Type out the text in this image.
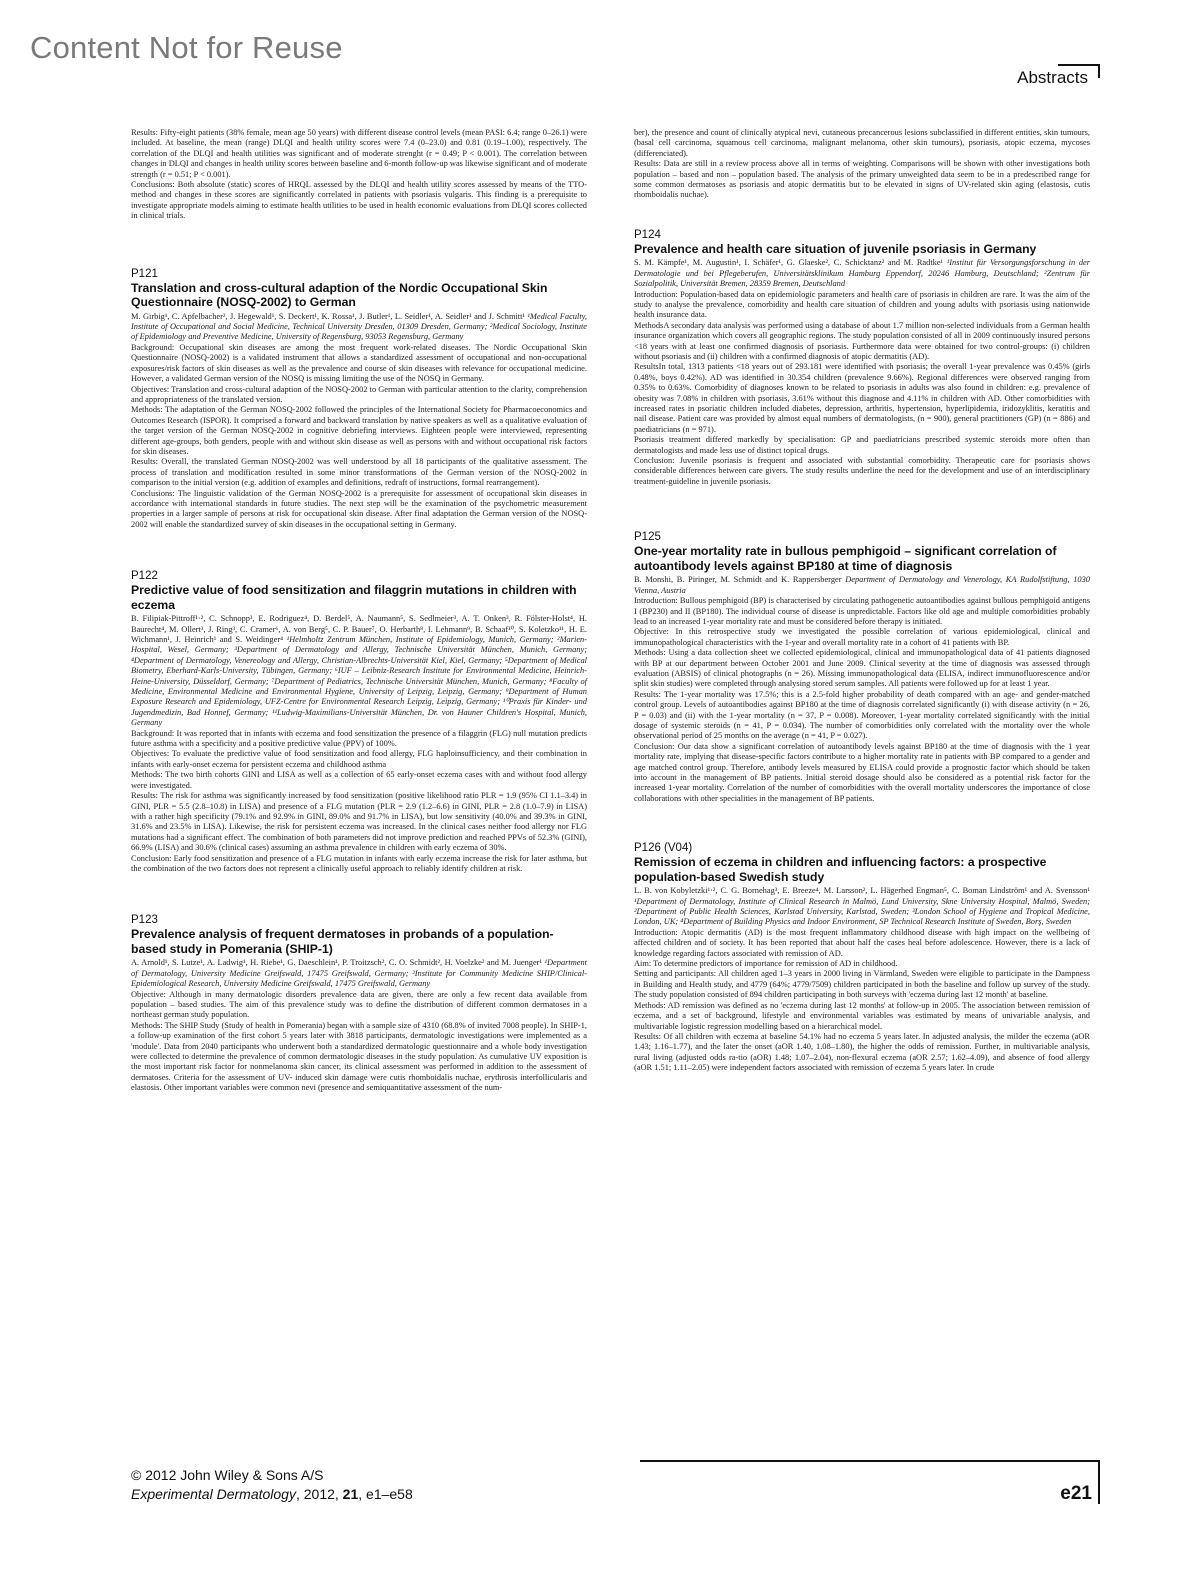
Content Not for Reuse
Abstracts

Results: Fifty-eight patients (38% female, mean age 50 years) with different disease control levels (mean PASI: 6.4; range 0–26.1) were included. At baseline, the mean (range) DLQI and health utility scores were 7.4 (0–23.0) and 0.81 (0.19–1.00), respectively. The correlation of the DLQI and health utilities was significant and of moderate strenght (r = 0.49; P < 0.001). The correlation between changes in DLQI and changes in health utility scores between baseline and 6-month follow-up was likewise significant and of moderate strength (r = 0.51; P < 0.001).

Conclusions: Both absolute (static) scores of HRQL assessed by the DLQI and health utility scores assessed by means of the TTO-method and changes in these scores are significantly correlated in patients with psoriasis vulgaris. This finding is a prerequisite to investigate appropriate models aiming to estimate health utilities to be used in health economic evaluations from DLQI scores collected in clinical trials.

P121
Translation and cross-cultural adaption of the Nordic Occupational Skin Questionnaire (NOSQ-2002) to German

M. Girbig¹, C. Apfelbacher², J. Hegewald¹, S. Deckert¹, K. Rossa¹, J. Butler¹, L. Seidler¹, A. Seidler¹ and J. Schmitt¹ ¹Medical Faculty, Institute of Occupational and Social Medicine, Technical University Dresden, 01309 Dresden, Germany; ²Medical Sociology, Institute of Epidemiology and Preventive Medicine, University of Regensburg, 93053 Regensburg, Germany

Background: Occupational skin diseases are among the most frequent work-related diseases. The Nordic Occupational Skin Questionnaire (NOSQ-2002) is a validated instrument that allows a standardized assessment of occupational and non-occupational exposures/risk factors of skin diseases as well as the prevalence and course of skin diseases with relevance for occupational medicine. However, a validated German version of the NOSQ is missing limiting the use of the NOSQ in Germany.

Objectives: Translation and cross-cultural adaption of the NOSQ-2002 to German with particular attention to the clarity, comprehension and appropriateness of the translated version.

Methods: The adaptation of the German NOSQ-2002 followed the principles of the International Society for Pharmacoeconomics and Outcomes Research (ISPOR). It comprised a forward and backward translation by native speakers as well as a qualitative evaluation of the target version of the German NOSQ-2002 in cognitive debriefing interviews. Eighteen people were interviewed, representing different age-groups, both genders, people with and without skin disease as well as persons with and without occupational risk factors for skin diseases.

Results: Overall, the translated German NOSQ-2002 was well understood by all 18 participants of the qualitative assessment. The process of translation and modification resulted in some minor transformations of the German version of the NOSQ-2002 in comparison to the initial version (e.g. addition of examples and definitions, redraft of instructions, formal rearrangement).

Conclusions: The linguistic validation of the German NOSQ-2002 is a prerequisite for assessment of occupational skin diseases in accordance with international standards in future studies. The next step will be the examination of the psychometric measurement properties in a larger sample of persons at risk for occupational skin disease. After final adaptation the German version of the NOSQ-2002 will enable the standardized survey of skin diseases in the occupational setting in Germany.

P122
Predictive value of food sensitization and filaggrin mutations in children with eczema

B. Filipiak-Pittroff¹·², C. Schnopp³, E. Rodriguez⁴, D. Berdel⁵, A. Naumann⁵, S. Sedlmeier³, A. T. Onken³, R. Fölster-Holst⁴, H. Baurecht⁴, M. Ollert³, J. Ring³, C. Cramer⁶, A. von Berg⁵, C. P. Bauer⁷, O. Herbarth⁸, I. Lehmann⁹, B. Schaaf¹⁰, S. Koletzko¹¹, H. E. Wichmann¹, J. Heinrich¹ and S. Weidinger⁴ ¹Helmholtz Zentrum München, Institute of Epidemiology, Munich, Germany; ²Marien-Hospital, Wesel, Germany; ³Department of Dermatology and Allergy, Technische Universität München, Munich, Germany; ⁴Department of Dermatology, Venereology and Allergy, Christian-Albrechts-Universität Kiel, Kiel, Germany; ⁵Department of Medical Biometry, Eberhard-Karls-University, Tübingen, Germany; ⁶IUF – Leibniz-Research Institute for Environmental Medicine, Heinrich-Heine-University, Düsseldorf, Germany; ⁷Department of Pediatrics, Technische Universität München, Munich, Germany; ⁸Faculty of Medicine, Environmental Medicine and Environmental Hygiene, University of Leipzig, Leipzig, Germany; ⁹Department of Human Exposure Research and Epidemiology, UFZ-Centre for Environmental Research Leipzig, Leipzig, Germany; ¹⁰Praxis für Kinder- und Jugendmedizin, Bad Honnef, Germany; ¹¹Ludwig-Maximilians-Universität München, Dr. von Hauner Children's Hospital, Munich, Germany

Background: It was reported that in infants with eczema and food sensitization the presence of a filaggrin (FLG) null mutation predicts future asthma with a specificity and a positive predictive value (PPV) of 100%.

Objectives: To evaluate the predictive value of food sensitization and food allergy, FLG haploinsufficiency, and their combination in infants with early-onset eczema for persistent eczema and childhood asthma

Methods: The two birth cohorts GINI and LISA as well as a collection of 65 early-onset eczema cases with and without food allergy were investigated.

Results: The risk for asthma was significantly increased by food sensitization (positive likelihood ratio PLR = 1.9 (95% CI 1.1–3.4) in GINI, PLR = 5.5 (2.8–10.8) in LISA) and presence of a FLG mutation (PLR = 2.9 (1.2–6.6) in GINI, PLR = 2.8 (1.0–7.9) in LISA) with a rather high specificity (79.1% and 92.9% in GINI, 89.0% and 91.7% in LISA), but low sensitivity (40.0% and 39.3% in GINI, 31.6% and 23.5% in LISA). Likewise, the risk for persistent eczema was increased. In the clinical cases neither food allergy nor FLG mutations had a significant effect. The combination of both parameters did not improve prediction and reached PPVs of 52.3% (GINI), 66.9% (LISA) and 30.6% (clinical cases) assuming an asthma prevalence in children with early eczema of 30%.

Conclusion: Early food sensitization and presence of a FLG mutation in infants with early eczema increase the risk for later asthma, but the combination of the two factors does not represent a clinically useful approach to reliably identify children at risk.

P123
Prevalence analysis of frequent dermatoses in probands of a population-based study in Pomerania (SHIP-1)

A. Arnold¹, S. Lutze¹, A. Ladwig¹, H. Riebe¹, G. Daeschlein¹, P. Troitzsch², C. O. Schmidt², H. Voelzke² and M. Juenger¹ ¹Department of Dermatology, University Medicine Greifswald, 17475 Greifswald, Germany; ²Institute for Community Medicine SHIP/Clinical-Epidemiological Research, University Medicine Greifswald, 17475 Greifswald, Germany

Objective: Although in many dermatologic disorders prevalence data are given, there are only a few recent data available from population – based studies. The aim of this prevalence study was to define the distribution of different common dermatoses in a northeast german study population.

Methods: The SHIP Study (Study of health in Pomerania) began with a sample size of 4310 (68.8% of invited 7008 people). In SHIP-1, a follow-up examination of the first cohort 5 years later with 3818 participants, dermatologic investigations were implemented as a 'module'. Data from 2040 participants who underwent both a standardized dermatologic questionnaire and a whole body investigation were collected to determine the prevalence of common dermatologic diseases in the study population. As cumulative UV exposition is the most important risk factor for nonmelanoma skin cancer, its clinical assessment was performed in addition to the assessment of dermatoses. Criteria for the assessment of UV- induced skin damage were cutis rhomboidalis nuchae, erythrosis interfollicularis and elastosis. Other important variables were common nevi (presence and semiquantitative assessment of the num-

ber), the presence and count of clinically atypical nevi, cutaneous precancerous lesions subclassified in different entities, skin tumours, (basal cell carcinoma, squamous cell carcinoma, malignant melanoma, other skin tumours), psoriasis, atopic eczema, mycoses (differenciated).

Results: Data are still in a review process above all in terms of weighting. Comparisons will be shown with other investigations both population – based and non – population based. The analysis of the primary unweighted data seem to be in a predescribed range for some common dermatoses as psoriasis and atopic dermatitis but to be elevated in signs of UV-related skin aging (elastosis, cutis rhomboidalis nuchae).

P124
Prevalence and health care situation of juvenile psoriasis in Germany

S. M. Kämpfe¹, M. Augustin¹, I. Schäfer¹, G. Glaeske², C. Schicktanz² and M. Radtke¹ ¹Institut für Versorgungsforschung in der Dermatologie und bei Pflegeberufen, Universitätsklinikum Hamburg Eppendorf, 20246 Hamburg, Deutschland; ²Zentrum für Sozialpolitik, Universität Bremen, 28359 Bremen, Deutschland

Introduction: Population-based data on epidemiologic parameters and health care of psoriasis in children are rare. It was the aim of the study to analyse the prevalence, comorbidity and health care situation of children and young adults with psoriasis using nationwide health insurance data.

MethodsA secondary data analysis was performed using a database of about 1.7 million non-selected individuals from a German health insurance organization which covers all geographic regions. The study population consisted of all in 2009 continuously insured persons <18 years with at least one confirmed diagnosis of psoriasis. Furthermore data were obtained for two control-groups: (i) children without psoriasis and (ii) children with a confirmed diagnosis of atopic dermatitis (AD).

ResultsIn total, 1313 patients <18 years out of 293.181 were identified with psoriasis; the overall 1-year prevalence was 0.45% (girls 0.48%, boys 0.42%). AD was identified in 30.354 children (prevalence 9.66%). Regional differences were observed ranging from 0.35% to 0.63%. Comorbidity of diagnoses known to be related to psoriasis in adults was also found in children: e.g. prevalence of obesity was 7.08% in children with psoriasis, 3.61% without this diagnose and 4.11% in children with AD. Other comorbidities with increased rates in psoriatic children included diabetes, depression, arthritis, hypertension, hyperlipidemia, iridozyklitis, keratitis and nail disease. Patient care was provided by almost equal numbers of dermatologists, (n = 900), general practitioners (GP) (n = 886) and paediatricians (n = 971).

Psoriasis treatment differed markedly by specialisation: GP and paediatricians prescribed systemic steroids more often than dermatologists and made less use of distinct topical drugs.

Conclusion: Juvenile psoriasis is frequent and associated with substantial comorbidity. Therapeutic care for psoriasis shows considerable differences between care givers. The study results underline the need for the development and use of an interdisciplinary treatment-guideline in juvenile psoriasis.

P125
One-year mortality rate in bullous pemphigoid – significant correlation of autoantibody levels against BP180 at time of diagnosis

B. Monshi, B. Piringer, M. Schmidt and K. Rappersberger Department of Dermatology and Venerology, KA Rudolfstiftung, 1030 Vienna, Austria

Introduction: Bullous pemphigoid (BP) is characterised by circulating pathogenetic autoantibodies against bullous pemphigoid antigens I (BP230) and II (BP180). The individual course of disease is unpredictable. Factors like old age and multiple comorbidities probably lead to an increased 1-year mortality rate and must be considered before therapy is initiated.

Objective: In this retrospective study we investigated the possible correlation of various epidemiological, clinical and immunopathological characteristics with the 1-year and overall mortality rate in a cohort of 41 patients with BP.

Methods: Using a data collection sheet we collected epidemiological, clinical and immunopathological data of 41 patients diagnosed with BP at our department between October 2001 and June 2009. Clinical severity at the time of diagnosis was assessed through evaluation (ABSIS) of clinical photographs (n = 26). Missing immunopathological data (ELISA, indirect immunofluorescence and/or split skin studies) were completed through analysing stored serum samples. All patients were followed up for at least 1 year.

Results: The 1-year mortality was 17.5%; this is a 2.5-fold higher probability of death compared with an age- and gender-matched control group. Levels of autoantibodies against BP180 at the time of diagnosis correlated significantly (i) with disease activity (n = 26, P = 0.03) and (ii) with the 1-year mortality (n = 37, P = 0.008). Moreover, 1-year mortality correlated significantly with the initial dosage of systemic steroids (n = 41, P = 0.034). The number of comorbidities only correlated with the mortality over the whole observational period of 25 months on the average (n = 41, P = 0.027).

Conclusion: Our data show a significant correlation of autoantibody levels against BP180 at the time of diagnosis with the 1 year mortality rate, implying that disease-specific factors contribute to a higher mortality rate in patients with BP compared to a gender and age matched control group. Therefore, antibody levels measured by ELISA could provide a prognostic factor which should be taken into account in the management of BP patients. Initial steroid dosage should also be considered as a potential risk factor for the increased 1-year mortality. Correlation of the number of comorbidities with the overall mortality underscores the importance of close collaborations with other specialities in the management of BP patients.

P126 (V04)
Remission of eczema in children and influencing factors: a prospective population-based Swedish study

L. B. von Kobyletzki¹·², C. G. Bornehag³, E. Breeze⁴, M. Larsson², L. Hägerhed Engman⁵, C. Boman Lindström¹ and A. Svensson¹ ¹Department of Dermatology, Institute of Clinical Research in Malmö, Lund University, Skne University Hospital, Malmö, Sweden; ²Department of Public Health Sciences, Karlstad University, Karlstad, Sweden; ³London School of Hygiene and Tropical Medicine, London, UK; ⁴Department of Building Physics and Indoor Environment, SP Technical Research Institute of Sweden, Borş, Sweden

Introduction: Atopic dermatitis (AD) is the most frequent inflammatory childhood disease with high impact on the wellbeing of affected children and of society. It has been reported that about half the cases heal before adolescence. However, there is a lack of knowledge regarding factors associated with remission of AD.

Aim: To determine predictors of importance for remission of AD in childhood.

Setting and participants: All children aged 1–3 years in 2000 living in Värmland, Sweden were eligible to participate in the Dampness in Building and Health study, and 4779 (64%; 4779/7509) children participated in both the baseline and follow up survey of the study. The study population consisted of 894 children participating in both surveys with 'eczema during last 12 month' at baseline.

Methods: AD remission was defined as no 'eczema during last 12 months' at follow-up in 2005. The association between remission of eczema, and a set of background, lifestyle and environmental variables was estimated by means of univariable analysis, and multivariable logistic regression modelling based on a hierarchical model.

Results: Of all children with eczema at baseline 54.1% had no eczema 5 years later. In adjusted analysis, the milder the eczema (aOR 1.43; 1.16–1.77), and the later the onset (aOR 1.40, 1.08–1.80), the higher the odds of remission. Further, in multivariable analysis, rural living (adjusted odds ra-tio (aOR) 1.48; 1.07–2.04), non-flexural eczema (aOR 2.57; 1.62–4.09), and absence of food allergy (aOR 1.51; 1.11–2.05) were independent factors associated with remission of eczema 5 years later. In crude

© 2012 John Wiley & Sons A/S
Experimental Dermatology, 2012, 21, e1–e58	e21
